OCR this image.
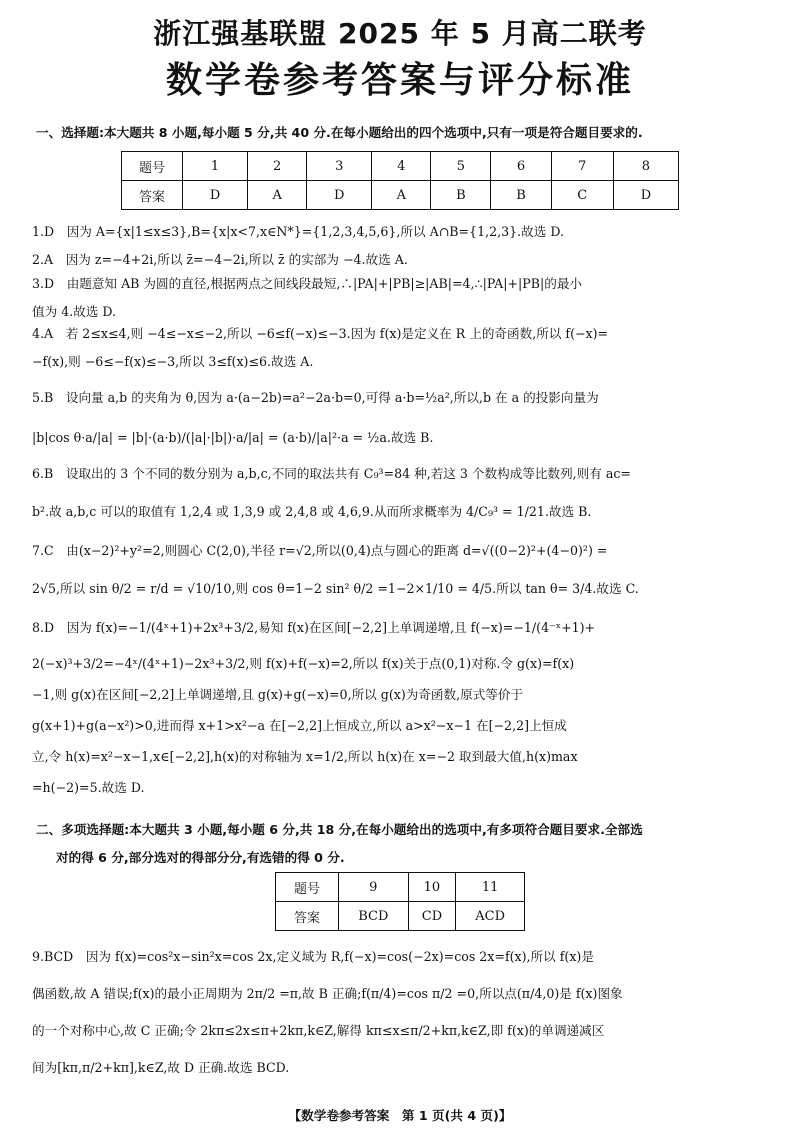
浙江强基联盟 2025 年 5 月高二联考
数学卷参考答案与评分标准
一、选择题:本大题共 8 小题,每小题 5 分,共 40 分.在每小题给出的四个选项中,只有一项是符合题目要求的.
题号	1	2	3	4	5	6	7	8
答案	D	A	D	A	B	B	C	D
1.D　因为 A={x|1≤x≤3},B={x|x<7,x∈N*}={1,2,3,4,5,6},所以 A∩B={1,2,3}.故选 D.
2.A　因为 z=−4+2i,所以 z̄=−4−2i,所以 z̄ 的实部为 −4.故选 A.
3.D　由题意知 AB 为圆的直径,根据两点之间线段最短,∴|PA|+|PB|≥|AB|=4,∴|PA|+|PB|的最小
值为 4.故选 D.
4.A　若 2≤x≤4,则 −4≤−x≤−2,所以 −6≤f(−x)≤−3.因为 f(x)是定义在 R 上的奇函数,所以 f(−x)=
−f(x),则 −6≤−f(x)≤−3,所以 3≤f(x)≤6.故选 A.
5.B　设向量 a,b 的夹角为 θ,因为 a·(a−2b)=a²−2a·b=0,可得 a·b=½a²,所以,b 在 a 的投影向量为
|b|cos θ·a/|a| = |b|·(a·b)/(|a|·|b|)·a/|a| = (a·b)/|a|²·a = ½a.故选 B.
6.B　设取出的 3 个不同的数分别为 a,b,c,不同的取法共有 C₉³=84 种,若这 3 个数构成等比数列,则有 ac=
b².故 a,b,c 可以的取值有 1,2,4 或 1,3,9 或 2,4,8 或 4,6,9.从而所求概率为 4/C₉³ = 1/21.故选 B.
7.C　由(x−2)²+y²=2,则圆心 C(2,0),半径 r=√2,所以(0,4)点与圆心的距离 d=√((0−2)²+(4−0)²) =
2√5,所以 sin θ/2 = r/d = √10/10,则 cos θ=1−2 sin² θ/2 =1−2×1/10 = 4/5.所以 tan θ= 3/4.故选 C.
8.D　因为 f(x)=−1/(4ˣ+1)+2x³+3/2,易知 f(x)在区间[−2,2]上单调递增,且 f(−x)=−1/(4⁻ˣ+1)+
2(−x)³+3/2=−4ˣ/(4ˣ+1)−2x³+3/2,则 f(x)+f(−x)=2,所以 f(x)关于点(0,1)对称.令 g(x)=f(x)
−1,则 g(x)在区间[−2,2]上单调递增,且 g(x)+g(−x)=0,所以 g(x)为奇函数,原式等价于
g(x+1)+g(a−x²)>0,进而得 x+1>x²−a 在[−2,2]上恒成立,所以 a>x²−x−1 在[−2,2]上恒成
立,令 h(x)=x²−x−1,x∈[−2,2],h(x)的对称轴为 x=1/2,所以 h(x)在 x=−2 取到最大值,h(x)max
=h(−2)=5.故选 D.
二、多项选择题:本大题共 3 小题,每小题 6 分,共 18 分,在每小题给出的选项中,有多项符合题目要求.全部选
对的得 6 分,部分选对的得部分分,有选错的得 0 分.
题号	9	10	11
答案	BCD	CD	ACD
9.BCD　因为 f(x)=cos²x−sin²x=cos 2x,定义域为 R,f(−x)=cos(−2x)=cos 2x=f(x),所以 f(x)是
偶函数,故 A 错误;f(x)的最小正周期为 2π/2 =π,故 B 正确;f(π/4)=cos π/2 =0,所以点(π/4,0)是 f(x)图象
的一个对称中心,故 C 正确;令 2kπ≤2x≤π+2kπ,k∈Z,解得 kπ≤x≤π/2+kπ,k∈Z,即 f(x)的单调递减区
间为[kπ,π/2+kπ],k∈Z,故 D 正确.故选 BCD.
【数学卷参考答案　第 1 页(共 4 页)】
